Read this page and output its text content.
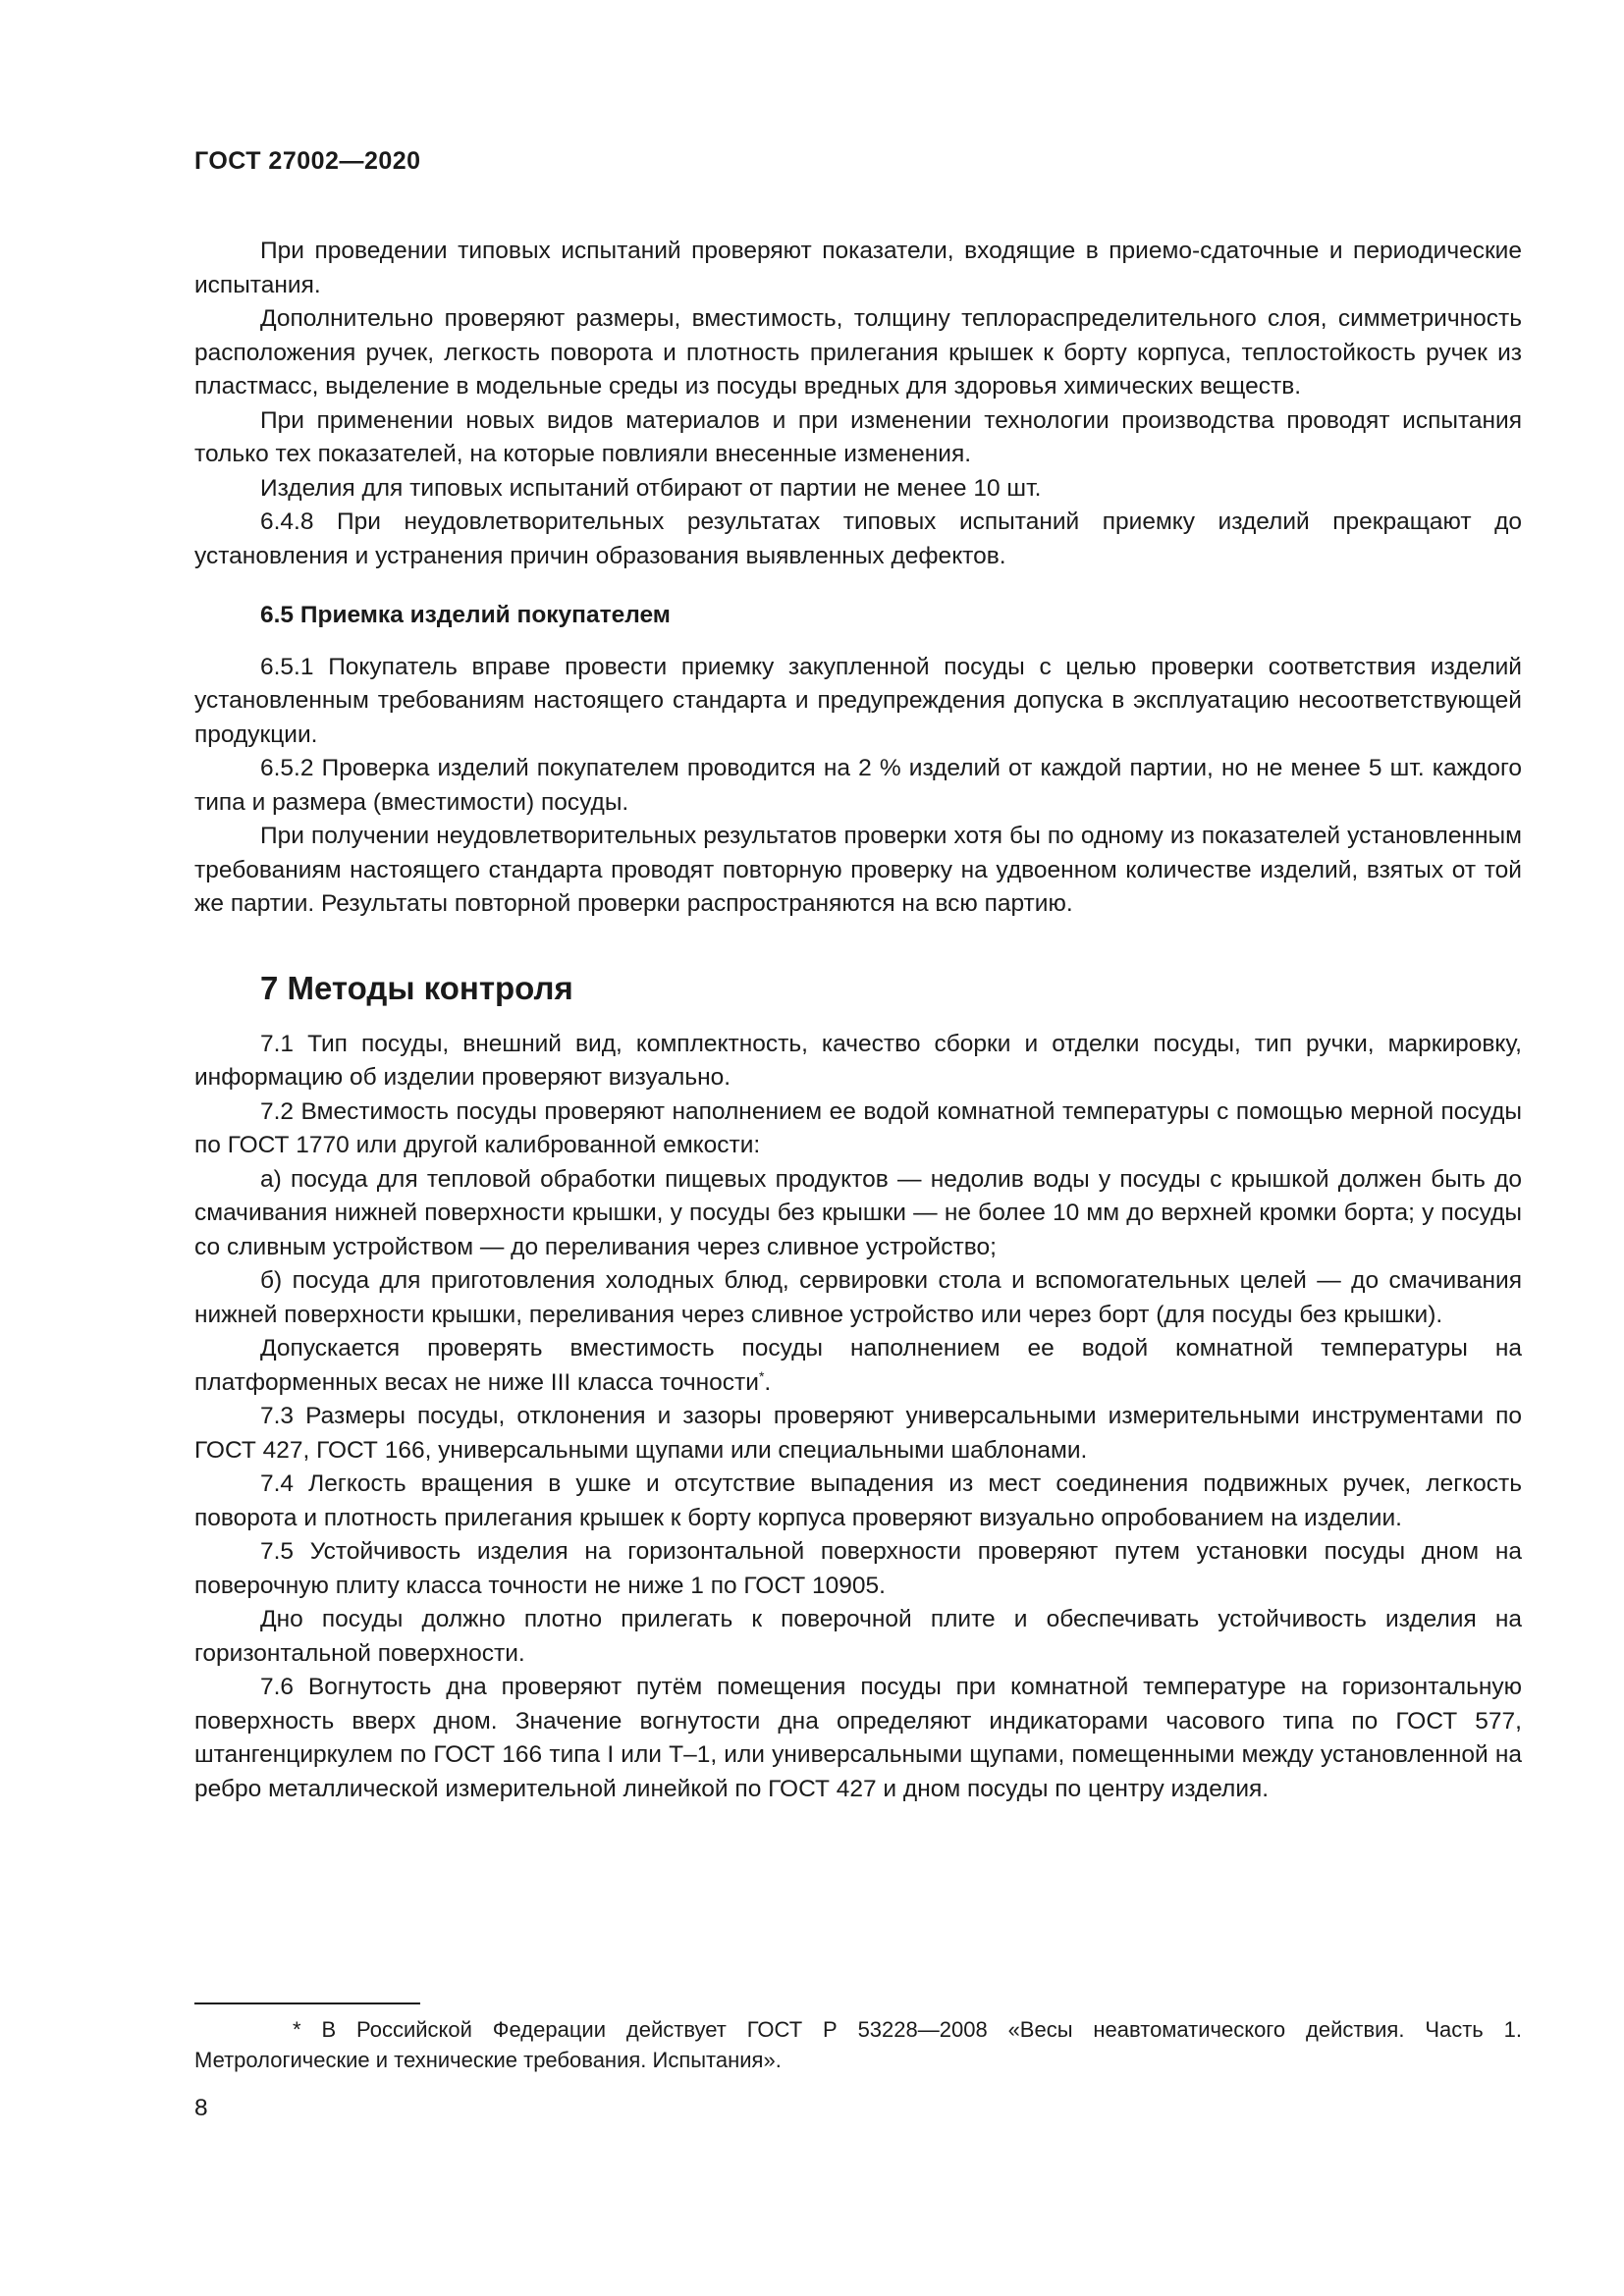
ГОСТ 27002—2020

При проведении типовых испытаний проверяют показатели, входящие в приемо-сдаточные и периодические испытания.

Дополнительно проверяют размеры, вместимость, толщину теплораспределительного слоя, симметричность расположения ручек, легкость поворота и плотность прилегания крышек к борту корпуса, теплостойкость ручек из пластмасс, выделение в модельные среды из посуды вредных для здоровья химических веществ.

При применении новых видов материалов и при изменении технологии производства проводят испытания только тех показателей, на которые повлияли внесенные изменения.

Изделия для типовых испытаний отбирают от партии не менее 10 шт.

6.4.8 При неудовлетворительных результатах типовых испытаний приемку изделий прекращают до установления и устранения причин образования выявленных дефектов.

6.5 Приемка изделий покупателем

6.5.1 Покупатель вправе провести приемку закупленной посуды с целью проверки соответствия изделий установленным требованиям настоящего стандарта и предупреждения допуска в эксплуатацию несоответствующей продукции.

6.5.2 Проверка изделий покупателем проводится на 2 % изделий от каждой партии, но не менее 5 шт. каждого типа и размера (вместимости) посуды.

При получении неудовлетворительных результатов проверки хотя бы по одному из показателей установленным требованиям настоящего стандарта проводят повторную проверку на удвоенном количестве изделий, взятых от той же партии. Результаты повторной проверки распространяются на всю партию.

7 Методы контроля

7.1 Тип посуды, внешний вид, комплектность, качество сборки и отделки посуды, тип ручки, маркировку, информацию об изделии проверяют визуально.

7.2 Вместимость посуды проверяют наполнением ее водой комнатной температуры с помощью мерной посуды по ГОСТ 1770 или другой калиброванной емкости:

а) посуда для тепловой обработки пищевых продуктов — недолив воды у посуды с крышкой должен быть до смачивания нижней поверхности крышки, у посуды без крышки — не более 10 мм до верхней кромки борта; у посуды со сливным устройством — до переливания через сливное устройство;

б) посуда для приготовления холодных блюд, сервировки стола и вспомогательных целей — до смачивания нижней поверхности крышки, переливания через сливное устройство или через борт (для посуды без крышки).

Допускается проверять вместимость посуды наполнением ее водой комнатной температуры на платформенных весах не ниже III класса точности*.

7.3 Размеры посуды, отклонения и зазоры проверяют универсальными измерительными инструментами по ГОСТ 427, ГОСТ 166, универсальными щупами или специальными шаблонами.

7.4 Легкость вращения в ушке и отсутствие выпадения из мест соединения подвижных ручек, легкость поворота и плотность прилегания крышек к борту корпуса проверяют визуально опробованием на изделии.

7.5 Устойчивость изделия на горизонтальной поверхности проверяют путем установки посуды дном на поверочную плиту класса точности не ниже 1 по ГОСТ 10905.

Дно посуды должно плотно прилегать к поверочной плите и обеспечивать устойчивость изделия на горизонтальной поверхности.

7.6 Вогнутость дна проверяют путём помещения посуды при комнатной температуре на горизонтальную поверхность вверх дном. Значение вогнутости дна определяют индикаторами часового типа по ГОСТ 577, штангенциркулем по ГОСТ 166 типа I или Т–1, или универсальными щупами, помещенными между установленной на ребро металлической измерительной линейкой по ГОСТ 427 и дном посуды по центру изделия.

* В Российской Федерации действует ГОСТ Р 53228—2008 «Весы неавтоматического действия. Часть 1. Метрологические и технические требования. Испытания».

8
